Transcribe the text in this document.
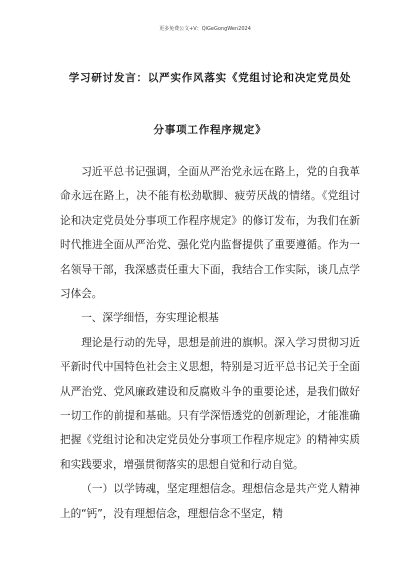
更多免费公文+V：QiGeGongWen2024
学习研讨发言：以严实作风落实《党组讨论和决定党员处
分事项工作程序规定》

习近平总书记强调，全面从严治党永远在路上，党的自我革命永远在路上，决不能有松劲歇脚、疲劳厌战的情绪。《党组讨论和决定党员处分事项工作程序规定》的修订发布，为我们在新时代推进全面从严治党、强化党内监督提供了重要遵循。作为一名领导干部，我深感责任重大下面，我结合工作实际，谈几点学习体会。

一、深学细悟，夯实理论根基

理论是行动的先导，思想是前进的旗帜。深入学习贯彻习近平新时代中国特色社会主义思想，特别是习近平总书记关于全面从严治党、党风廉政建设和反腐败斗争的重要论述，是我们做好一切工作的前提和基础。只有学深悟透党的创新理论，才能准确把握《党组讨论和决定党员处分事项工作程序规定》的精神实质和实践要求，增强贯彻落实的思想自觉和行动自觉。

（一）以学铸魂，坚定理想信念。理想信念是共产党人精神上的“钙”，没有理想信念，理想信念不坚定，精
